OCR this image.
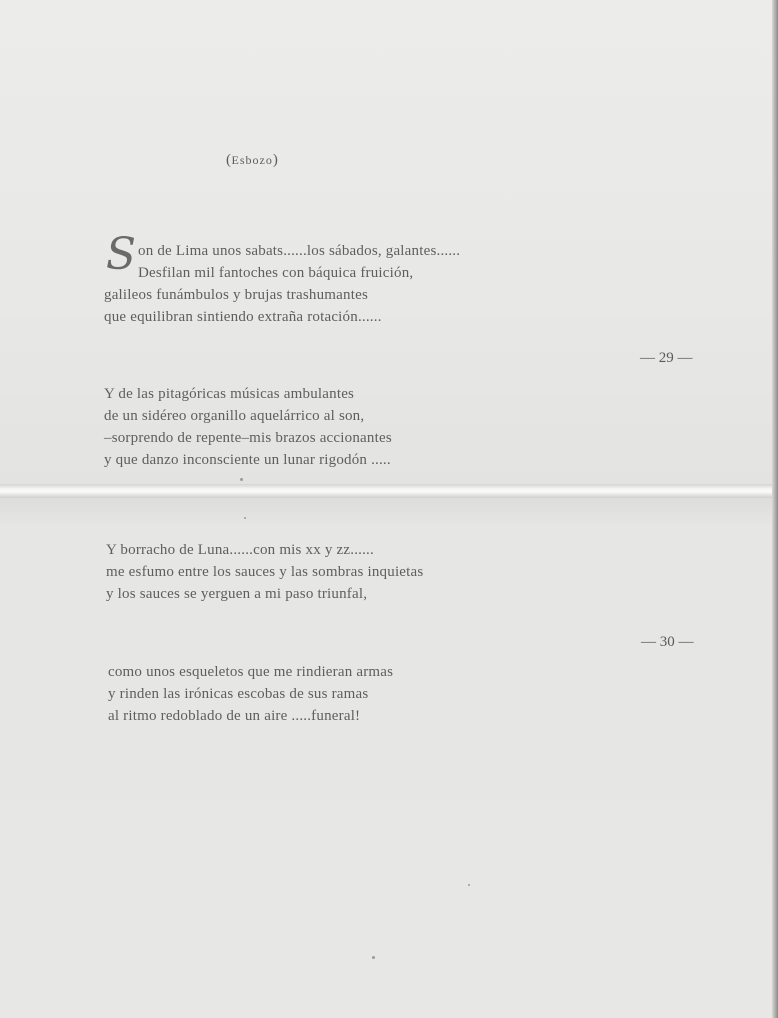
(Esbozo)
S on de Lima unos sabats......los sábados, galantes......
Desfilan mil fantoches con báquica fruición,
galileos funámbulos y brujas trashumantes
que equilibran sintiendo extraña rotación......
— 29 —
Y de las pitagóricas músicas ambulantes
de un sidéreo organillo aquelárrico al son,
–sorprendo de repente–mis brazos accionantes
y que danzo inconsciente un lunar rigodón .....
Y borracho de Luna......con mis xx y zz......
me esfumo entre los sauces y las sombras inquietas
y los sauces se yerguen a mi paso triunfal,
— 30 —
como unos esqueletos que me rindieran armas
y rinden las irónicas escobas de sus ramas
al ritmo redoblado de un aire .....funeral!
